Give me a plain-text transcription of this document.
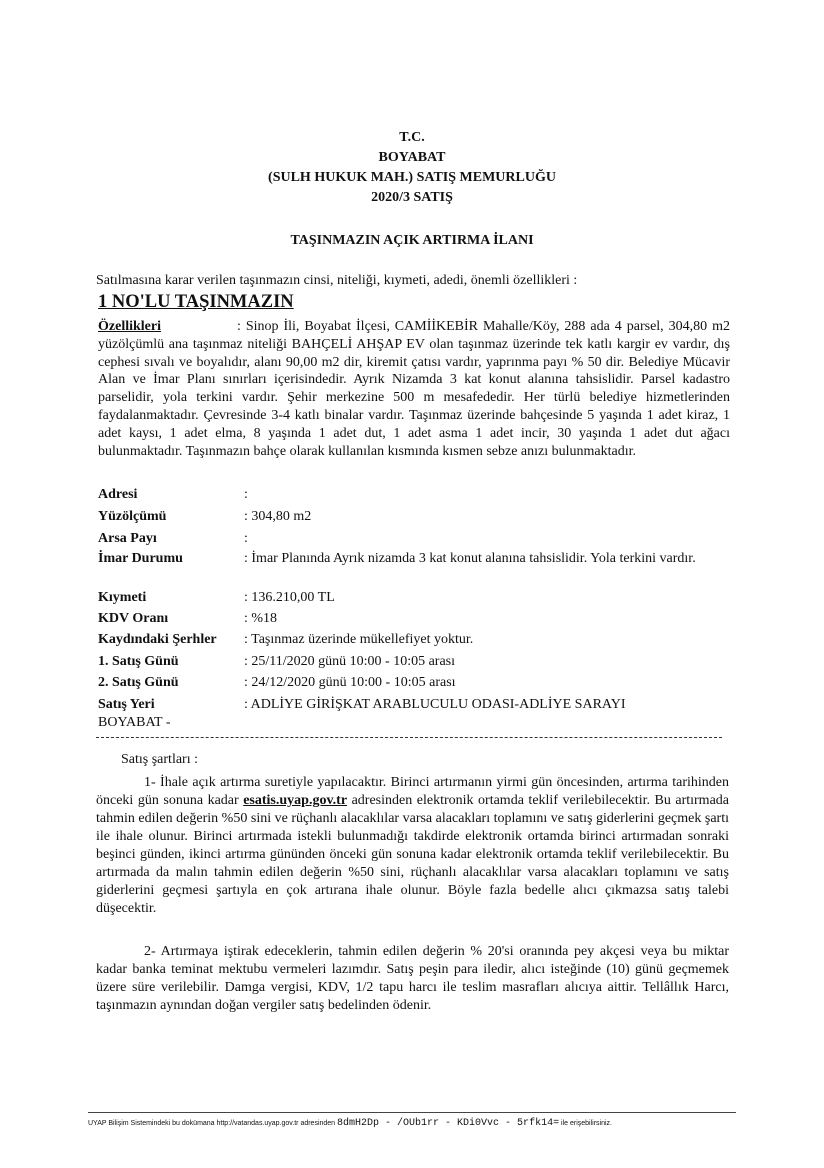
T.C.
BOYABAT
(SULH HUKUK MAH.) SATIŞ MEMURLUĞU
2020/3 SATIŞ
TAŞINMAZIN AÇIK ARTIRMA İLANI
Satılmasına karar verilen taşınmazın cinsi, niteliği, kıymeti, adedi, önemli özellikleri :
1 NO'LU TAŞINMAZIN
Özellikleri	: Sinop İli, Boyabat İlçesi, CAMİİKEBİR Mahalle/Köy, 288 ada 4 parsel, 304,80 m2 yüzölçümlü ana taşınmaz niteliği BAHÇELİ AHŞAP EV olan taşınmaz üzerinde tek katlı kargir ev vardır, dış cephesi sıvalı ve boyalıdır, alanı 90,00 m2 dir, kiremit çatısı vardır, yaprınma payı % 50 dir. Belediye Mücavir Alan ve İmar Planı sınırları içerisindedir. Ayrık Nizamda 3 kat konut alanına tahsislidir. Parsel kadastro parselidir, yola terkini vardır. Şehir merkezine 500 m mesafededir. Her türlü belediye hizmetlerinden faydalanmaktadır. Çevresinde 3-4 katlı binalar vardır. Taşınmaz üzerinde bahçesinde 5 yaşında 1 adet kiraz, 1 adet kaysı, 1 adet elma, 8 yaşında 1 adet dut, 1 adet asma 1 adet incir, 30 yaşında 1 adet dut ağacı bulunmaktadır. Taşınmazın bahçe olarak kullanılan kısmında kısmen sebze anızı bulunmaktadır.
Adresi	:
Yüzölçümü	: 304,80 m2
Arsa Payı	:
İmar Durumu	: İmar Planında Ayrık nizamda 3 kat konut alanına tahsislidir. Yola terkini vardır.
Kıymeti	: 136.210,00 TL
KDV Oranı	: %18
Kaydındaki Şerhler : Taşınmaz üzerinde mükellefiyet yoktur.
1. Satış Günü	: 25/11/2020 günü 10:00 - 10:05 arası
2. Satış Günü	: 24/12/2020 günü 10:00 - 10:05 arası
Satış Yeri	: ADLİYE GİRİŞKAT ARABLUCULU ODASI-ADLİYE SARAYI
BOYABAT -
Satış şartları :
1- İhale açık artırma suretiyle yapılacaktır. Birinci artırmanın yirmi gün öncesinden, artırma tarihinden önceki gün sonuna kadar esatis.uyap.gov.tr adresinden elektronik ortamda teklif verilebilecektir. Bu artırmada tahmin edilen değerin %50 sini ve rüçhanlı alacaklılar varsa alacakları toplamını ve satış giderlerini geçmek şartı ile ihale olunur. Birinci artırmada istekli bulunmadığı takdirde elektronik ortamda birinci artırmadan sonraki beşinci günden, ikinci artırma gününden önceki gün sonuna kadar elektronik ortamda teklif verilebilecektir. Bu artırmada da malın tahmin edilen değerin %50 sini, rüçhanlı alacaklılar varsa alacakları toplamını ve satış giderlerini geçmesi şartıyla en çok artırana ihale olunur. Böyle fazla bedelle alıcı çıkmazsa satış talebi düşecektir.
2- Artırmaya iştirak edeceklerin, tahmin edilen değerin % 20'si oranında pey akçesi veya bu miktar kadar banka teminat mektubu vermeleri lazımdır. Satış peşin para iledir, alıcı isteğinde (10) günü geçmemek üzere süre verilebilir. Damga vergisi, KDV, 1/2 tapu harcı ile teslim masrafları alıcıya aittir. Tellâllık Harcı, taşınmazın aynından doğan vergiler satış bedelinden ödenir.
UYAP Bilişim Sistemindeki bu dokümana http://vatandas.uyap.gov.tr adresinden 8dmH2Dp - /OUb1rr - KDi0Vvc - 5rfk14= ile erişebilirsiniz.
